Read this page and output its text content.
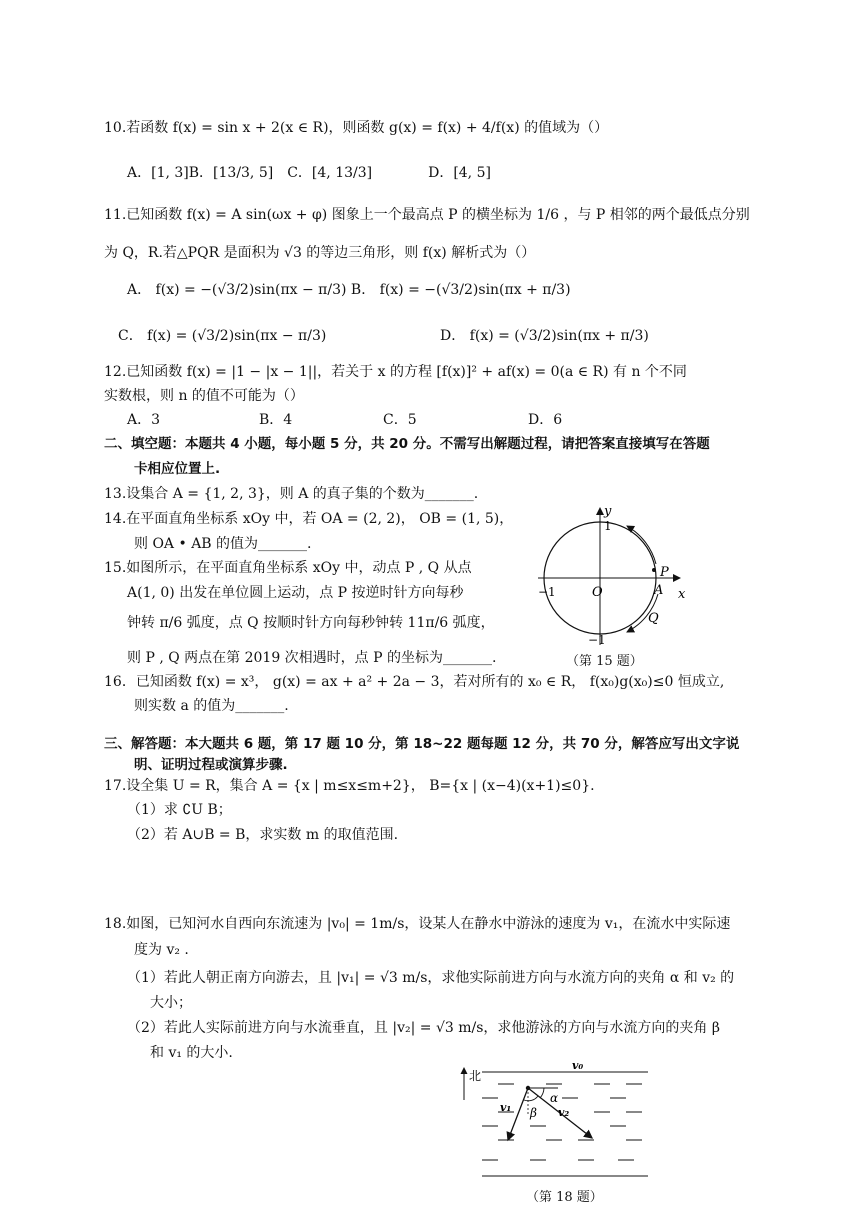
10.若函数 f(x) = sin x + 2(x ∈ R)，则函数 g(x) = f(x) + 4/f(x) 的值域为（）
A．[1, 3]B．[13/3, 5]　C．[4, 13/3]　　　　D．[4, 5]
11.已知函数 f(x) = A sin(ωx + φ) 图象上一个最高点 P 的横坐标为 1/6 ，与 P 相邻的两个最低点分别
为 Q，R.若△PQR 是面积为 √3 的等边三角形，则 f(x) 解析式为（）
A． f(x) = −(√3/2)sin(πx − π/3) B． f(x) = −(√3/2)sin(πx + π/3)
C． f(x) = (√3/2)sin(πx − π/3)	D． f(x) = (√3/2)sin(πx + π/3)
12.已知函数 f(x) = |1 − |x − 1||，若关于 x 的方程 [f(x)]² + af(x) = 0(a ∈ R) 有 n 个不同
实数根，则 n 的值不可能为（）
A．3	B．4	C．5	D．6
二、填空题：本题共 4 小题，每小题 5 分，共 20 分。不需写出解题过程，请把答案直接填写在答题
卡相应位置上.
13.设集合 A = {1, 2, 3}，则 A 的真子集的个数为_______.
14.在平面直角坐标系 xOy 中，若 OA = (2, 2)， OB = (1, 5)，
则 OA • AB 的值为_______.
15.如图所示，在平面直角坐标系 xOy 中，动点 P , Q 从点
A(1, 0) 出发在单位圆上运动，点 P 按逆时针方向每秒
钟转 π/6 弧度，点 Q 按顺时针方向每秒钟转 11π/6 弧度，
则 P , Q 两点在第 2019 次相遇时，点 P 的坐标为_______.
y
1
P
−1	O	A x
Q
−1
（第 15 题）
16．已知函数 f(x) = x³， g(x) = ax + a² + 2a − 3，若对所有的 x₀ ∈ R， f(x₀)g(x₀)≤0 恒成立,
则实数 a 的值为_______.
三、解答题：本大题共 6 题，第 17 题 10 分，第 18~22 题每题 12 分，共 70 分，解答应写出文字说
明、证明过程或演算步骤.
17.设全集 U = R，集合 A = {x | m≤x≤m+2}， B={x | (x−4)(x+1)≤0}.
（1）求 ∁U B；
（2）若 A∪B = B，求实数 m 的取值范围.
18.如图，已知河水自西向东流速为 |v₀| = 1m/s，设某人在静水中游泳的速度为 v₁，在流水中实际速
度为 v₂ .
（1）若此人朝正南方向游去，且 |v₁| = √3 m/s，求他实际前进方向与水流方向的夹角 α 和 v₂ 的
大小；
（2）若此人实际前进方向与水流垂直，且 |v₂| = √3 m/s，求他游泳的方向与水流方向的夹角 β
和 v₁ 的大小.
北
v₀
α
v₁ β v₂
（第 18 题）
